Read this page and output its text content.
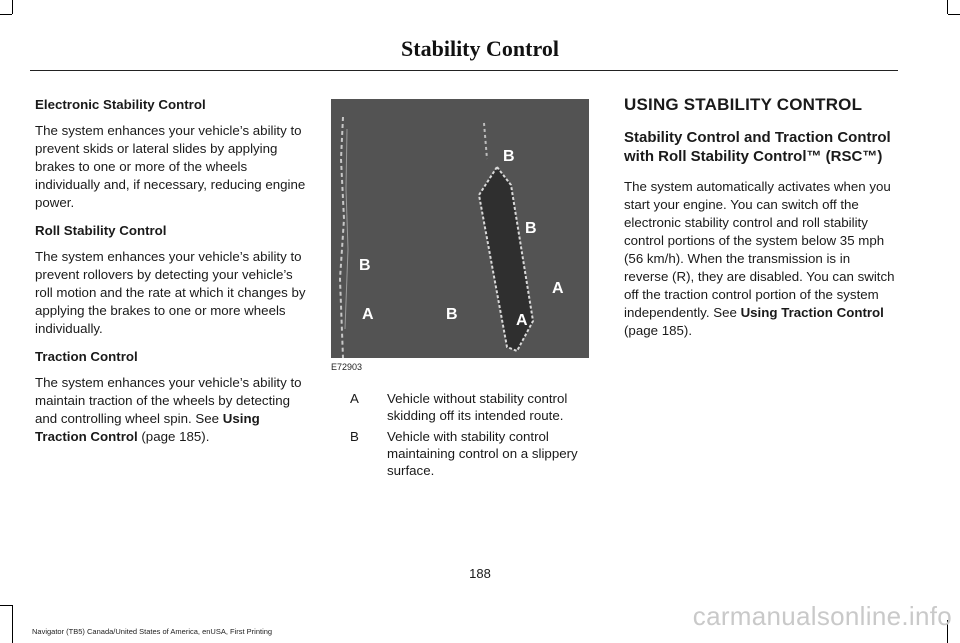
Stability Control

Electronic Stability Control

The system enhances your vehicle’s ability to prevent skids or lateral slides by applying brakes to one or more of the wheels individually and, if necessary, reducing engine power.

Roll Stability Control

The system enhances your vehicle’s ability to prevent rollovers by detecting your vehicle’s roll motion and the rate at which it changes by applying the brakes to one or more wheels individually.

Traction Control

The system enhances your vehicle’s ability to maintain traction of the wheels by detecting and controlling wheel spin. See Using Traction Control (page 185).

B
B
B
A
A	B	A
E72903
A	Vehicle without stability control skidding off its intended route.
B	Vehicle with stability control maintaining control on a slippery surface.
USING STABILITY CONTROL
Stability Control and Traction Control with Roll Stability Control™ (RSC™)

The system automatically activates when you start your engine. You can switch off the electronic stability control and roll stability control portions of the system below 35 mph (56 km/h). When the transmission is in reverse (R), they are disabled. You can switch off the traction control portion of the system independently. See Using Traction Control (page 185).

188
Navigator (TB5) Canada/United States of America, enUSA, First Printing
carmanualsonline.info
